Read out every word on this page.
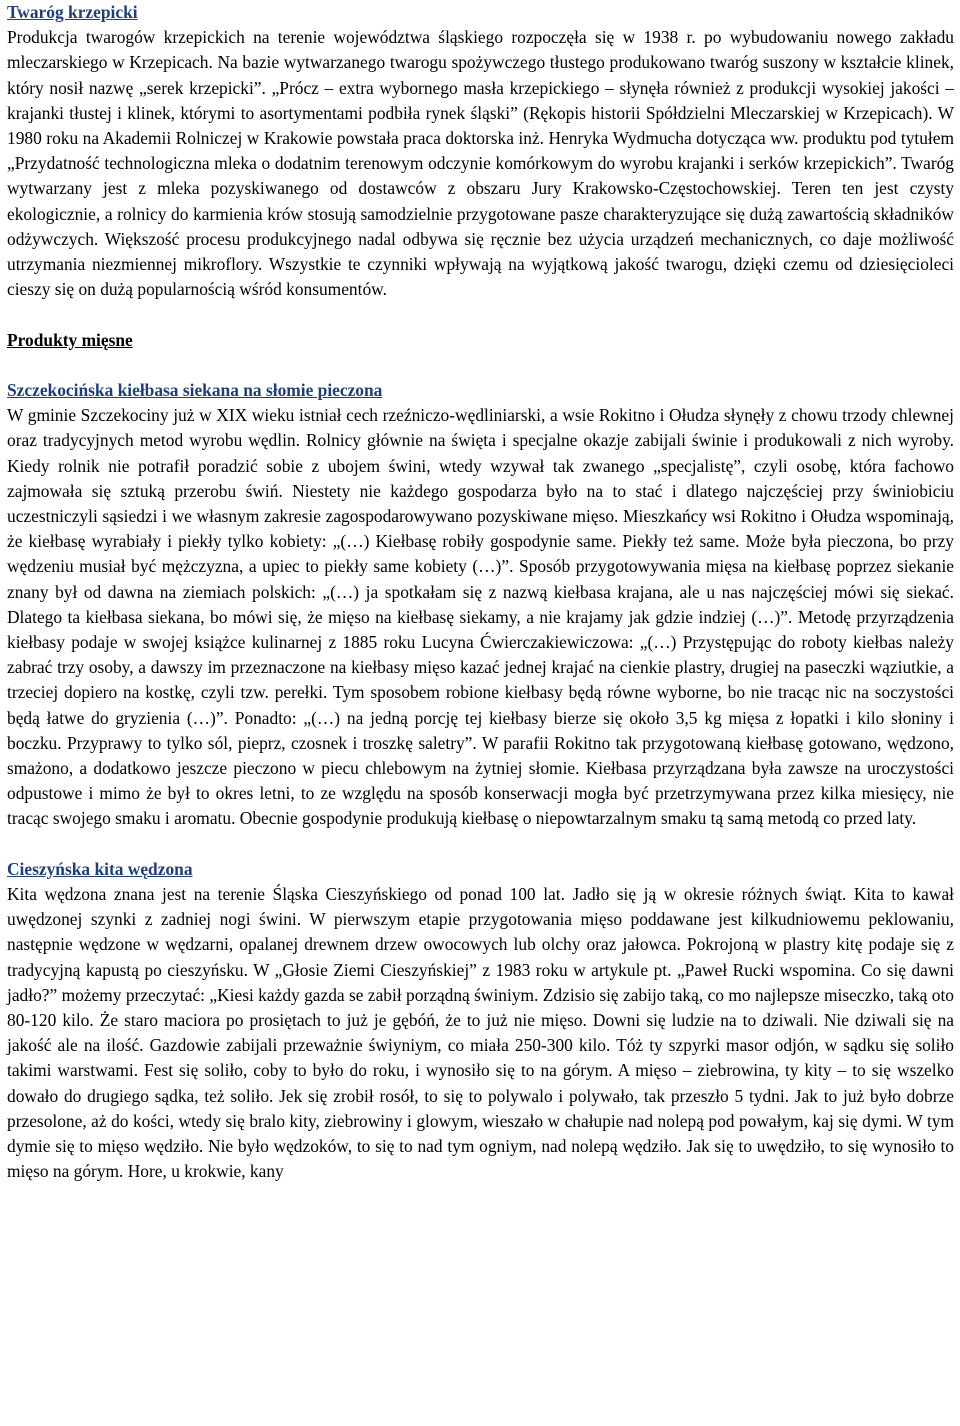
Twaróg krzepicki

Produkcja twarogów krzepickich na terenie województwa śląskiego rozpoczęła się w 1938 r. po wybudowaniu nowego zakładu mleczarskiego w Krzepicach. Na bazie wytwarzanego twarogu spożywczego tłustego produkowano twaróg suszony w kształcie klinek, który nosił nazwę „serek krzepicki”. „Prócz – extra wybornego masła krzepickiego – słynęła również z produkcji wysokiej jakości – krajanki tłustej i klinek, którymi to asortymentami podbiła rynek śląski” (Rękopis historii Spółdzielni Mleczarskiej w Krzepicach). W 1980 roku na Akademii Rolniczej w Krakowie powstała praca doktorska inż. Henryka Wydmucha dotycząca ww. produktu pod tytułem „Przydatność technologiczna mleka o dodatnim terenowym odczynie komórkowym do wyrobu krajanki i serków krzepickich”. Twaróg wytwarzany jest z mleka pozyskiwanego od dostawców z obszaru Jury Krakowsko-Częstochowskiej. Teren ten jest czysty ekologicznie, a rolnicy do karmienia krów stosują samodzielnie przygotowane pasze charakteryzujące się dużą zawartością składników odżywczych. Większość procesu produkcyjnego nadal odbywa się ręcznie bez użycia urządzeń mechanicznych, co daje możliwość utrzymania niezmiennej mikroflory. Wszystkie te czynniki wpływają na wyjątkową jakość twarogu, dzięki czemu od dziesięcioleci cieszy się on dużą popularnością wśród konsumentów.

Produkty mięsne
Szczekocińska kiełbasa siekana na słomie pieczona

W gminie Szczekociny już w XIX wieku istniał cech rzeźniczo-wędliniarski, a wsie Rokitno i Ołudza słynęły z chowu trzody chlewnej oraz tradycyjnych metod wyrobu wędlin. Rolnicy głównie na święta i specjalne okazje zabijali świnie i produkowali z nich wyroby. Kiedy rolnik nie potrafił poradzić sobie z ubojem świni, wtedy wzywał tak zwanego „specjalistę”, czyli osobę, która fachowo zajmowała się sztuką przerobu świń. Niestety nie każdego gospodarza było na to stać i dlatego najczęściej przy świniobiciu uczestniczyli sąsiedzi i we własnym zakresie zagospodarowywano pozyskiwane mięso. Mieszkańcy wsi Rokitno i Ołudza wspominają, że kiełbasę wyrabiały i piekły tylko kobiety: „(…) Kiełbasę robiły gospodynie same. Piekły też same. Może była pieczona, bo przy wędzeniu musiał być mężczyzna, a upiec to piekły same kobiety (…)”. Sposób przygotowywania mięsa na kiełbasę poprzez siekanie znany był od dawna na ziemiach polskich: „(…) ja spotkałam się z nazwą kiełbasa krajana, ale u nas najczęściej mówi się siekać. Dlatego ta kiełbasa siekana, bo mówi się, że mięso na kiełbasę siekamy, a nie krajamy jak gdzie indziej (…)”. Metodę przyrządzenia kiełbasy podaje w swojej książce kulinarnej z 1885 roku Lucyna Ćwierczakiewiczowa: „(…) Przystępując do roboty kiełbas należy zabrać trzy osoby, a dawszy im przeznaczone na kiełbasy mięso kazać jednej krajać na cienkie plastry, drugiej na paseczki wąziutkie, a trzeciej dopiero na kostkę, czyli tzw. perełki. Tym sposobem robione kiełbasy będą równe wyborne, bo nie tracąc nic na soczystości będą łatwe do gryzienia (…)”. Ponadto: „(…) na jedną porcję tej kiełbasy bierze się około 3,5 kg mięsa z łopatki i kilo słoniny i boczku. Przyprawy to tylko sól, pieprz, czosnek i troszkę saletry”. W parafii Rokitno tak przygotowaną kiełbasę gotowano, wędzono, smażono, a dodatkowo jeszcze pieczono w piecu chlebowym na żytniej słomie. Kiełbasa przyrządzana była zawsze na uroczystości odpustowe i mimo że był to okres letni, to ze względu na sposób konserwacji mogła być przetrzymywana przez kilka miesięcy, nie tracąc swojego smaku i aromatu. Obecnie gospodynie produkują kiełbasę o niepowtarzalnym smaku tą samą metodą co przed laty.

Cieszyńska kita wędzona

Kita wędzona znana jest na terenie Śląska Cieszyńskiego od ponad 100 lat. Jadło się ją w okresie różnych świąt. Kita to kawał uwędzonej szynki z zadniej nogi świni. W pierwszym etapie przygotowania mięso poddawane jest kilkudniowemu peklowaniu, następnie wędzone w wędzarni, opalanej drewnem drzew owocowych lub olchy oraz jałowca. Pokrojoną w plastry kitę podaje się z tradycyjną kapustą po cieszyńsku. W „Głosie Ziemi Cieszyńskiej” z 1983 roku w artykule pt. „Paweł Rucki wspomina. Co się dawni jadło?” możemy przeczytać: „Kiesi każdy gazda se zabił porządną świniym. Zdzisio się zabijo taką, co mo najlepsze miseczko, taką oto 80-120 kilo. Że staro maciora po prosiętach to już je gębóń, że to już nie mięso. Downi się ludzie na to dziwali. Nie dziwali się na jakość ale na ilość. Gazdowie zabijali przeważnie świyniym, co miała 250-300 kilo. Tóż ty szpyrki masor odjón, w sądku się soliło takimi warstwami. Fest się soliło, coby to było do roku, i wynosiło się to na górym. A mięso – ziebrowina, ty kity – to się wszelko dowało do drugiego sądka, też soliło. Jek się zrobił rosół, to się to polywalo i polywało, tak przeszło 5 tydni. Jak to już było dobrze przesolone, aż do kości, wtedy się bralo kity, ziebrowiny i glowym, wieszało w chałupie nad nolepą pod powałym, kaj się dymi. W tym dymie się to mięso wędziło. Nie było wędzoków, to się to nad tym ogniym, nad nolepą wędziło. Jak się to uwędziło, to się wynosiło to mięso na górym. Hore, u krokwie, kany
